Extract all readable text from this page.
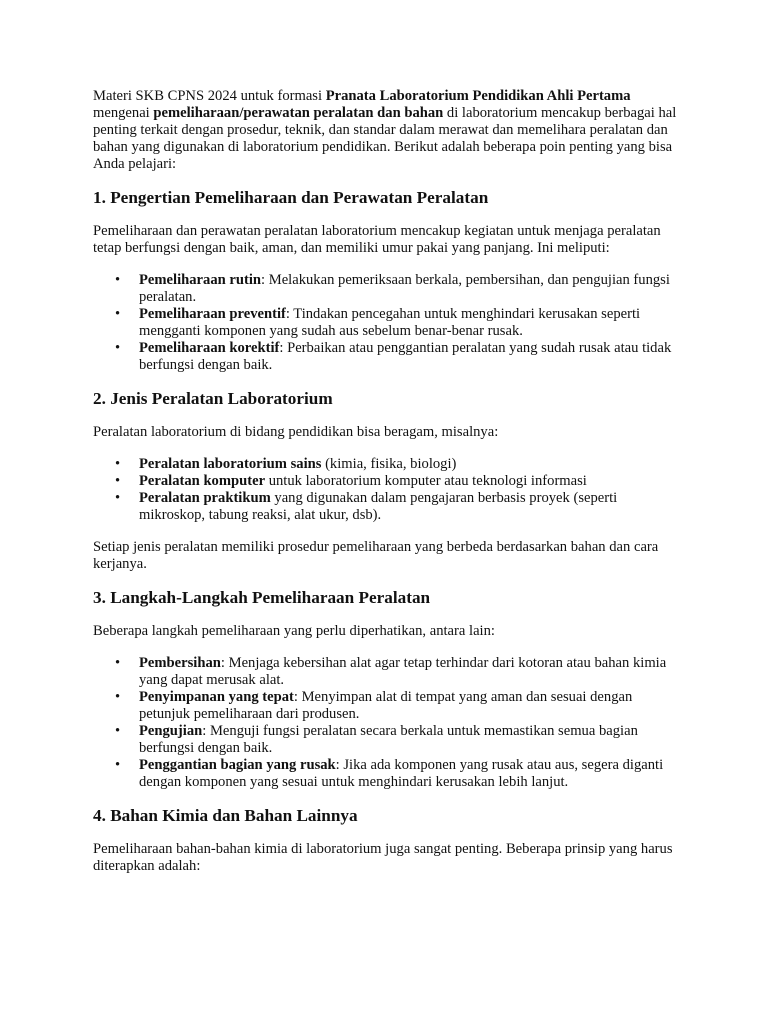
Materi SKB CPNS 2024 untuk formasi Pranata Laboratorium Pendidikan Ahli Pertama mengenai pemeliharaan/perawatan peralatan dan bahan di laboratorium mencakup berbagai hal penting terkait dengan prosedur, teknik, dan standar dalam merawat dan memelihara peralatan dan bahan yang digunakan di laboratorium pendidikan. Berikut adalah beberapa poin penting yang bisa Anda pelajari:

1. Pengertian Pemeliharaan dan Perawatan Peralatan

Pemeliharaan dan perawatan peralatan laboratorium mencakup kegiatan untuk menjaga peralatan tetap berfungsi dengan baik, aman, dan memiliki umur pakai yang panjang. Ini meliputi:

• Pemeliharaan rutin: Melakukan pemeriksaan berkala, pembersihan, dan pengujian fungsi peralatan.
• Pemeliharaan preventif: Tindakan pencegahan untuk menghindari kerusakan seperti mengganti komponen yang sudah aus sebelum benar-benar rusak.
• Pemeliharaan korektif: Perbaikan atau penggantian peralatan yang sudah rusak atau tidak berfungsi dengan baik.
2. Jenis Peralatan Laboratorium

Peralatan laboratorium di bidang pendidikan bisa beragam, misalnya:

• Peralatan laboratorium sains (kimia, fisika, biologi)
• Peralatan komputer untuk laboratorium komputer atau teknologi informasi
• Peralatan praktikum yang digunakan dalam pengajaran berbasis proyek (seperti mikroskop, tabung reaksi, alat ukur, dsb).

Setiap jenis peralatan memiliki prosedur pemeliharaan yang berbeda berdasarkan bahan dan cara kerjanya.

3. Langkah-Langkah Pemeliharaan Peralatan

Beberapa langkah pemeliharaan yang perlu diperhatikan, antara lain:

• Pembersihan: Menjaga kebersihan alat agar tetap terhindar dari kotoran atau bahan kimia yang dapat merusak alat.
• Penyimpanan yang tepat: Menyimpan alat di tempat yang aman dan sesuai dengan petunjuk pemeliharaan dari produsen.
• Pengujian: Menguji fungsi peralatan secara berkala untuk memastikan semua bagian berfungsi dengan baik.
• Penggantian bagian yang rusak: Jika ada komponen yang rusak atau aus, segera diganti dengan komponen yang sesuai untuk menghindari kerusakan lebih lanjut.
4. Bahan Kimia dan Bahan Lainnya

Pemeliharaan bahan-bahan kimia di laboratorium juga sangat penting. Beberapa prinsip yang harus diterapkan adalah:
